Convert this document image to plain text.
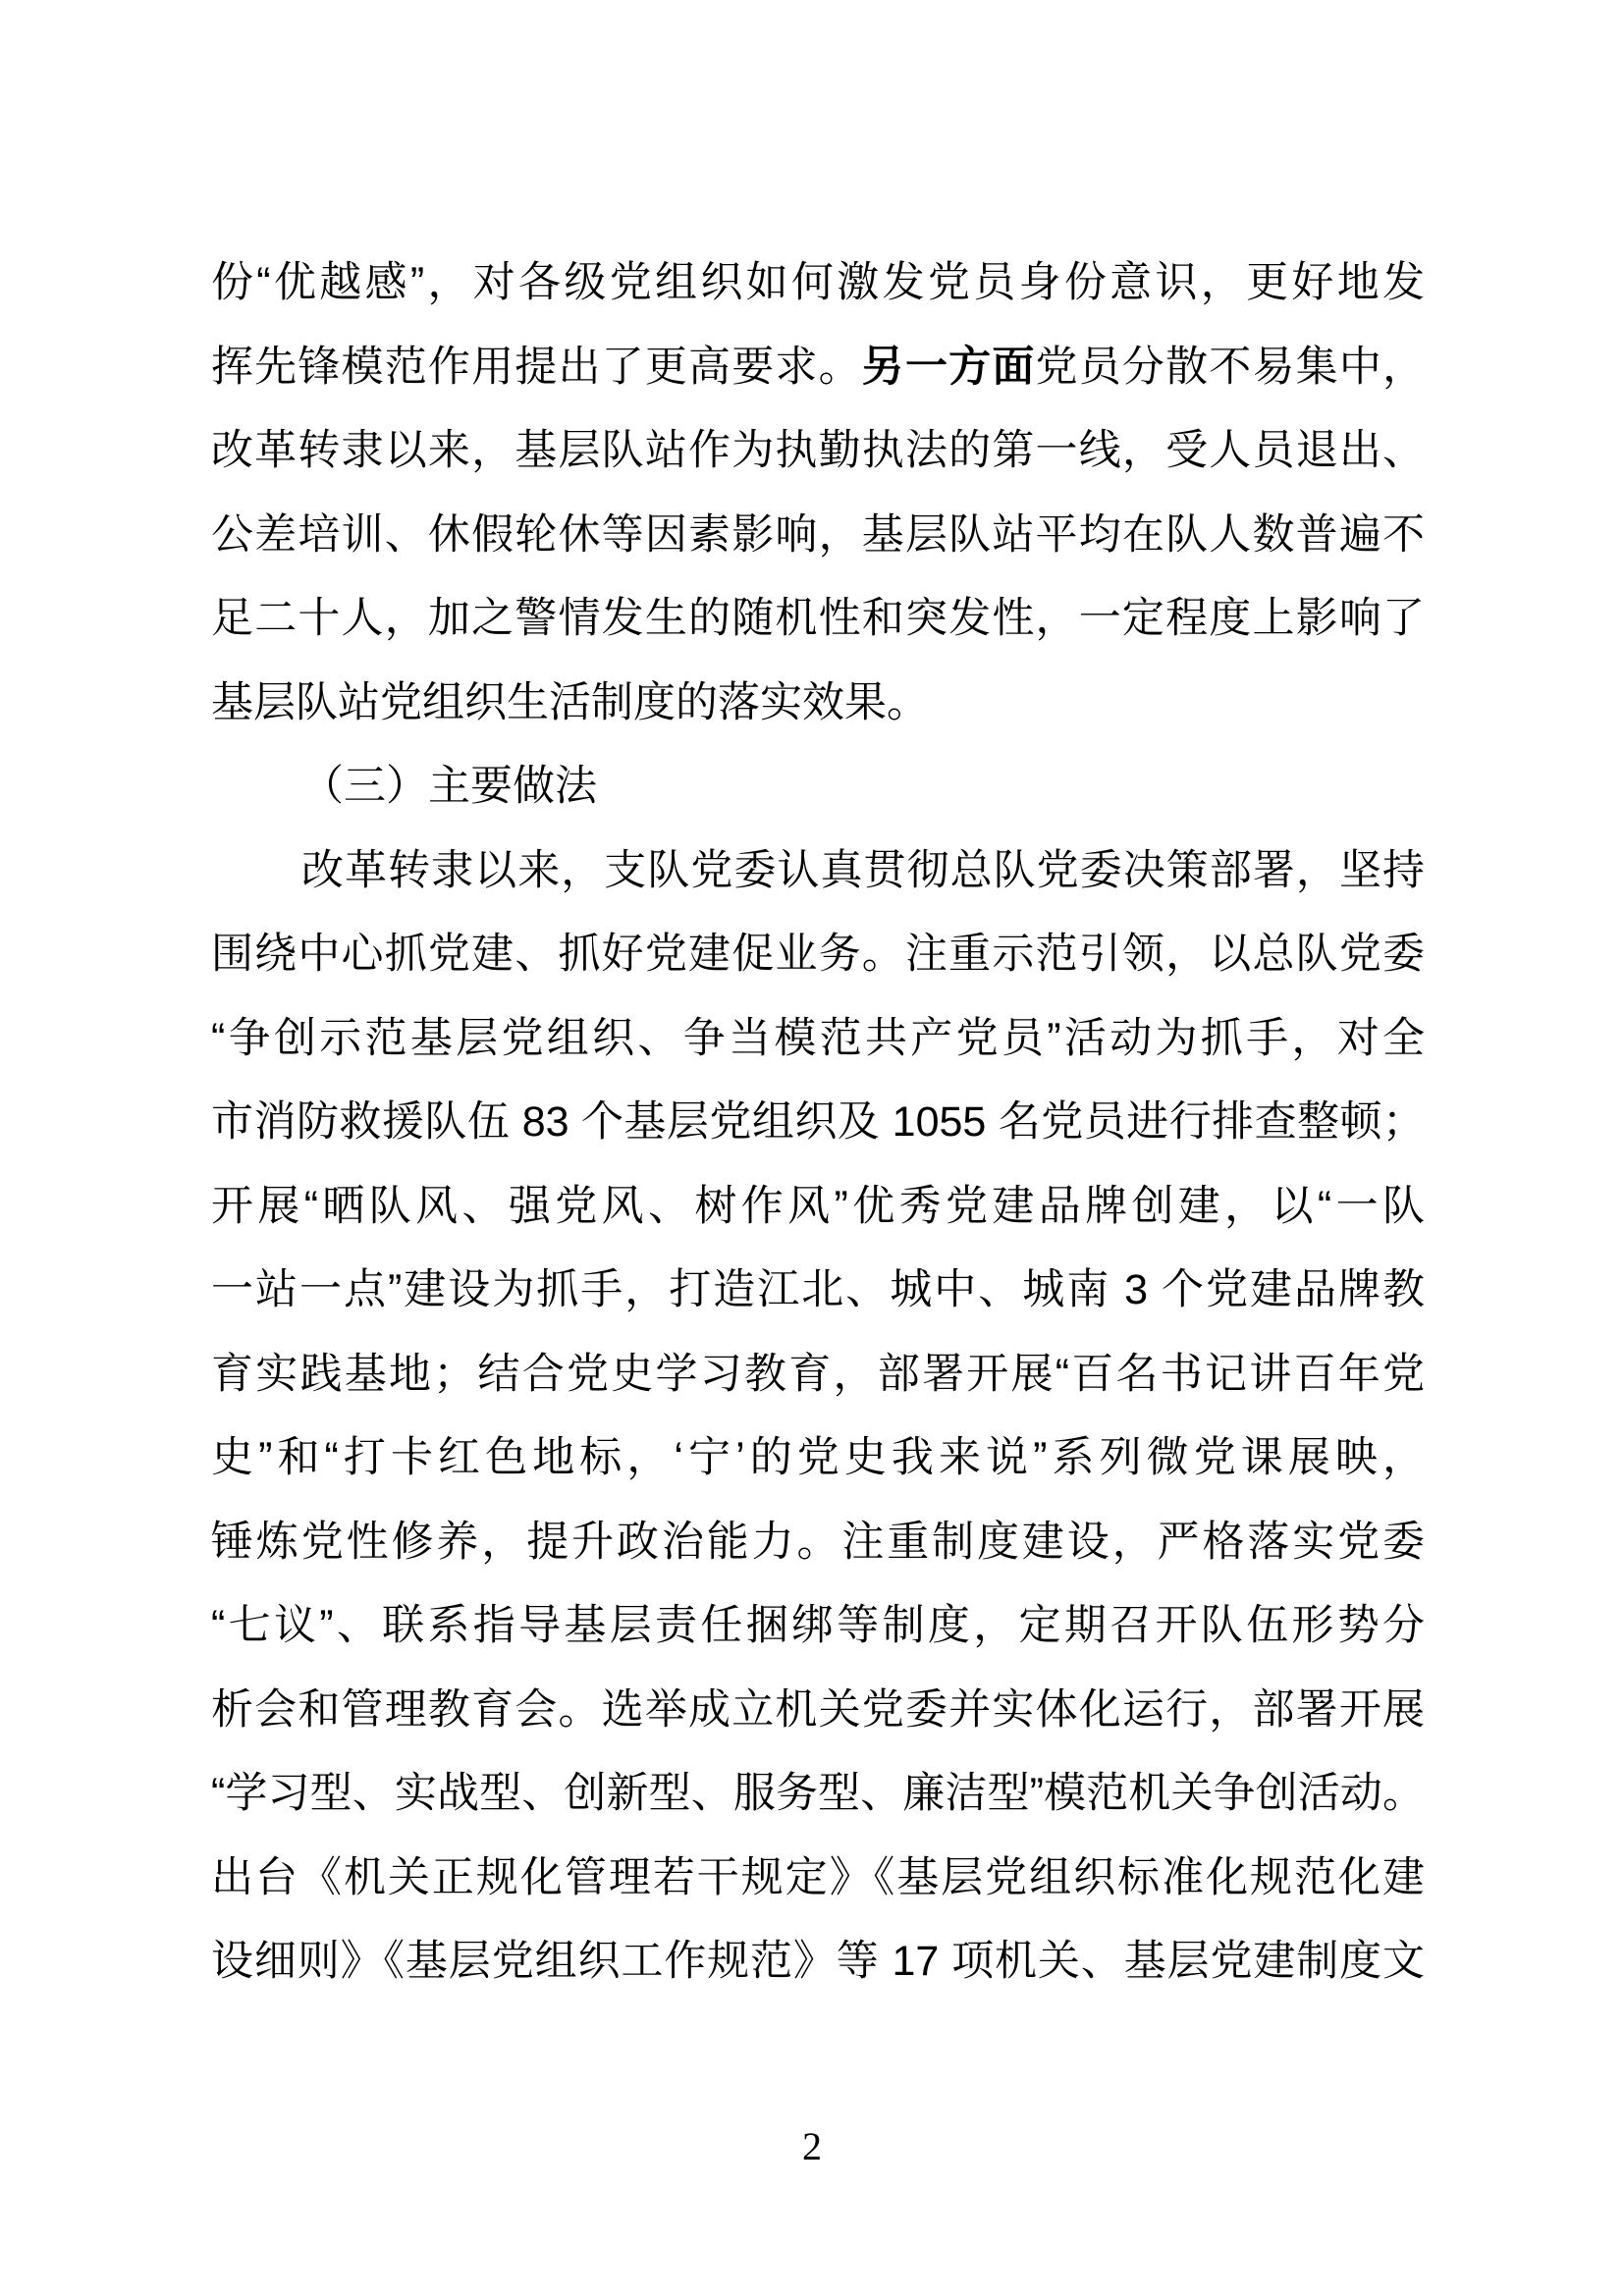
份“优越感”，对各级党组织如何激发党员身份意识，更好地发
挥先锋模范作用提出了更高要求。另一方面党员分散不易集中，
改革转隶以来，基层队站作为执勤执法的第一线，受人员退出、
公差培训、休假轮休等因素影响，基层队站平均在队人数普遍不
足二十人，加之警情发生的随机性和突发性，一定程度上影响了
基层队站党组织生活制度的落实效果。
（三）主要做法
改革转隶以来，支队党委认真贯彻总队党委决策部署，坚持
围绕中心抓党建、抓好党建促业务。注重示范引领，以总队党委
“争创示范基层党组织、争当模范共产党员”活动为抓手，对全
市消防救援队伍 83 个基层党组织及 1055 名党员进行排查整顿；
开展“晒队风、强党风、树作风”优秀党建品牌创建，以“一队
一站一点”建设为抓手，打造江北、城中、城南 3 个党建品牌教
育实践基地；结合党史学习教育，部署开展“百名书记讲百年党
史”和“打卡红色地标，‘宁’的党史我来说”系列微党课展映，
锤炼党性修养，提升政治能力。注重制度建设，严格落实党委
“七议”、联系指导基层责任捆绑等制度，定期召开队伍形势分
析会和管理教育会。选举成立机关党委并实体化运行，部署开展
“学习型、实战型、创新型、服务型、廉洁型”模范机关争创活动。
出台《机关正规化管理若干规定》《基层党组织标准化规范化建
设细则》《基层党组织工作规范》等 17 项机关、基层党建制度文
2
